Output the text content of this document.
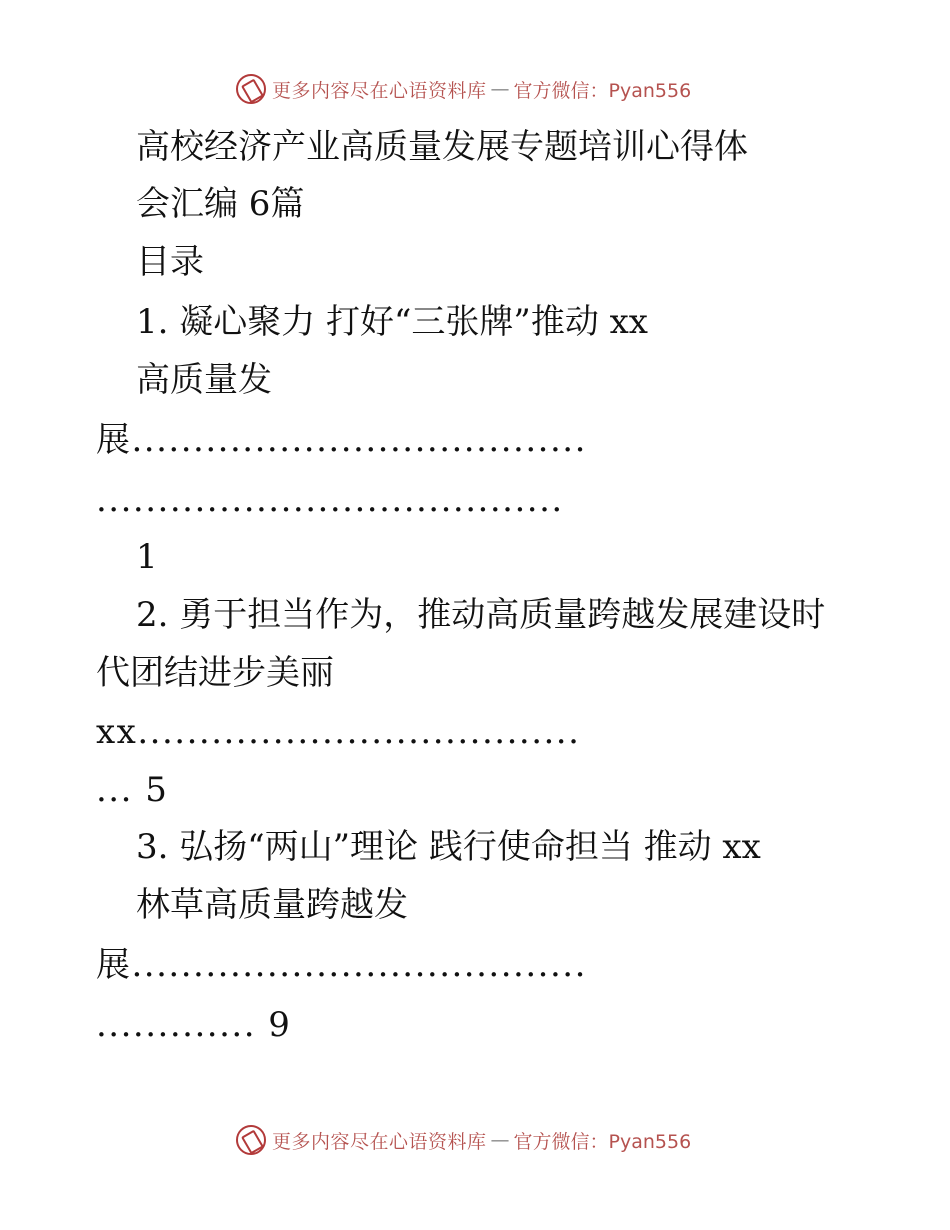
更多内容尽在心语资料库 — 官方微信：Pyan556
高校经济产业高质量发展专题培训心得体
会汇编 6篇
目录
1. 凝心聚力 打好“三张牌”推动 xx
高质量发
展.....................................
......................................
1
2. 勇于担当作为，推动高质量跨越发展建设时
代团结进步美丽
xx....................................
... 5
3. 弘扬“两山”理论 践行使命担当 推动 xx
林草高质量跨越发
展.....................................
............. 9
更多内容尽在心语资料库 — 官方微信：Pyan556
